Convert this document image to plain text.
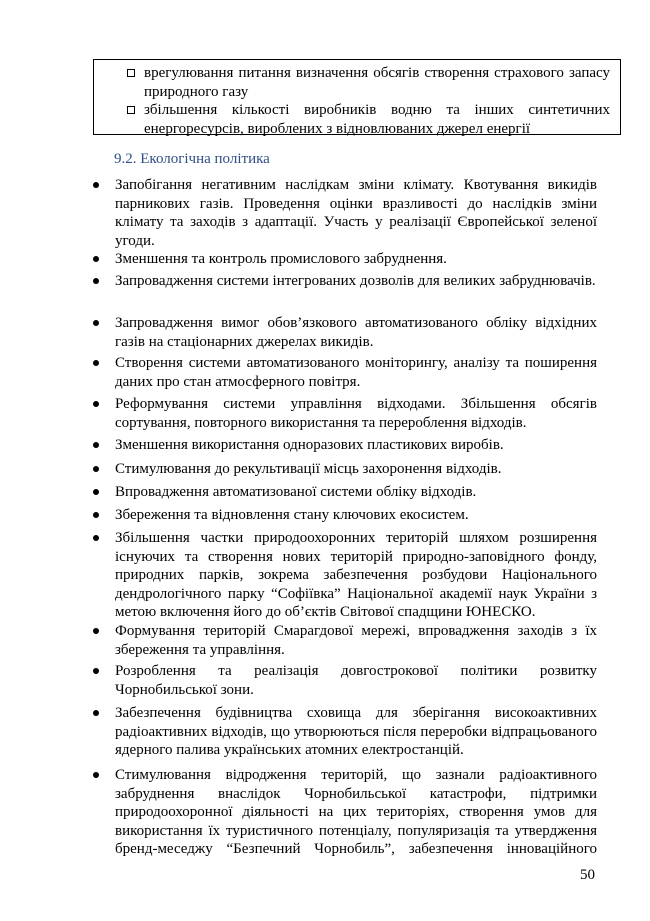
врегулювання питання визначення обсягів створення страхового запасу природного газу
збільшення кількості виробників водню та інших синтетичних енергоресурсів, вироблених з відновлюваних джерел енергії
9.2. Екологічна політика
Запобігання негативним наслідкам зміни клімату. Квотування викидів парникових газів. Проведення оцінки вразливості до наслідків зміни клімату та заходів з адаптації. Участь у реалізації Європейської зеленої угоди.
Зменшення та контроль промислового забруднення.
Запровадження системи інтегрованих дозволів для великих забруднювачів.
Запровадження вимог обов’язкового автоматизованого обліку відхідних газів на стаціонарних джерелах викидів.
Створення системи автоматизованого моніторингу, аналізу та поширення даних про стан атмосферного повітря.
Реформування системи управління відходами. Збільшення обсягів сортування, повторного використання та перероблення відходів.
Зменшення використання одноразових пластикових виробів.
Стимулювання до рекультивації місць захоронення відходів.
Впровадження автоматизованої системи обліку відходів.
Збереження та відновлення стану ключових екосистем.
Збільшення частки природоохоронних територій шляхом розширення існуючих та створення нових територій природно-заповідного фонду, природних парків, зокрема забезпечення розбудови Національного дендрологічного парку “Софіївка” Національної академії наук України з метою включення його до об’єктів Світової спадщини ЮНЕСКО.
Формування територій Смарагдової мережі, впровадження заходів з їх збереження та управління.
Розроблення та реалізація довгострокової політики розвитку Чорнобильської зони.
Забезпечення будівництва сховища для зберігання високоактивних радіоактивних відходів, що утворюються після переробки відпрацьованого ядерного палива українських атомних електростанцій.
Стимулювання відродження територій, що зазнали радіоактивного забруднення внаслідок Чорнобильської катастрофи, підтримки природоохоронної діяльності на цих територіях, створення умов для використання їх туристичного потенціалу, популяризація та утвердження бренд-меседжу “Безпечний Чорнобиль”, забезпечення інноваційного
50
